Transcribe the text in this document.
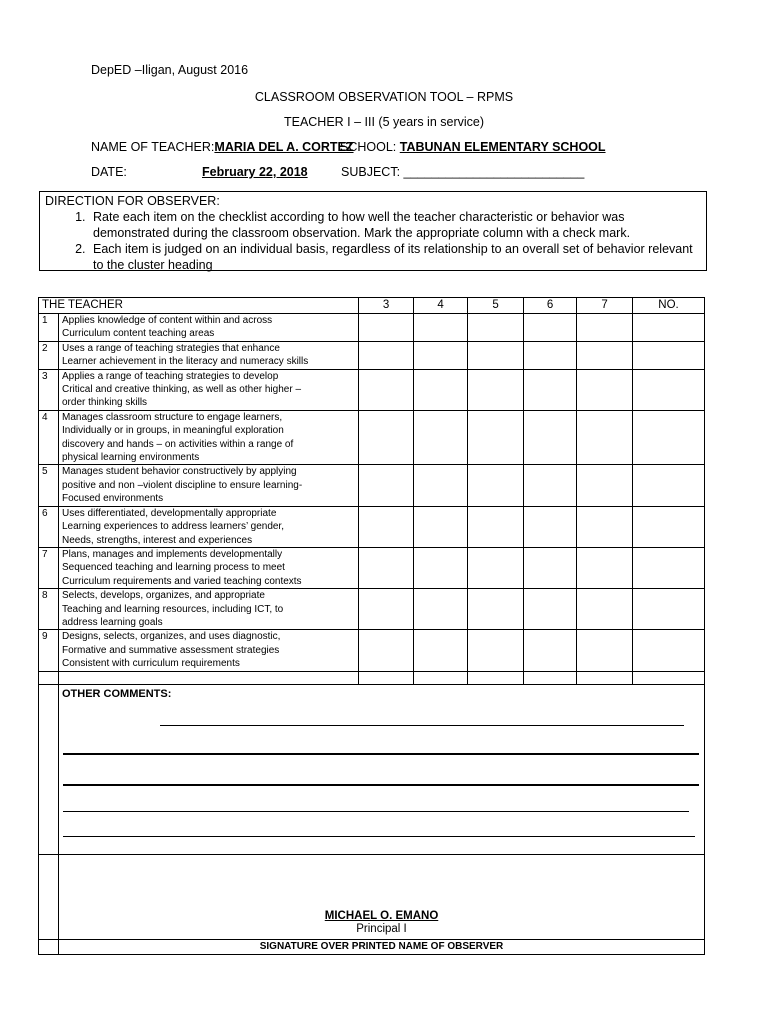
DepED –Iligan, August 2016
CLASSROOM OBSERVATION TOOL – RPMS
TEACHER I – III (5 years in service)
NAME OF TEACHER:MARIA DEL A. CORTEZ
SCHOOL: TABUNAN ELEMENTARY SCHOOL
DATE:	February 22, 2018	SUBJECT: __________________________
DIRECTION FOR OBSERVER:
1. Rate each item on the checklist according to how well the teacher characteristic or behavior was demonstrated during the classroom observation. Mark the appropriate column with a check mark.
2. Each item is judged on an individual basis, regardless of its relationship to an overall set of behavior relevant to the cluster heading
THE TEACHER		3	4	5	6	7	NO.
1	Applies knowledge of content within and across
Curriculum content teaching areas						
2	Uses a range of teaching strategies that enhance
Learner achievement in the literacy and numeracy skills						
3	Applies a range of teaching strategies to develop
Critical and creative thinking, as well as other higher –
order thinking skills						
4	Manages classroom structure to engage learners,
Individually or in groups, in meaningful exploration
discovery and hands – on activities within a range of
physical learning environments						
5	Manages student behavior constructively by applying
positive and non –violent discipline to ensure learning-
Focused environments						
6	Uses differentiated, developmentally appropriate
Learning experiences to address learners’ gender,
Needs, strengths, interest and experiences						
7	Plans, manages and implements developmentally
Sequenced teaching and learning process to meet
Curriculum requirements and varied teaching contexts						
8	Selects, develops, organizes, and appropriate
Teaching and learning resources, including ICT, to
address learning goals						
9	Designs, selects, organizes, and uses diagnostic,
Formative and summative assessment strategies
Consistent with curriculum requirements						

	OTHER COMMENTS:						

	MICHAEL O. EMANO
Principal I						

	SIGNATURE OVER PRINTED NAME OF OBSERVER						
